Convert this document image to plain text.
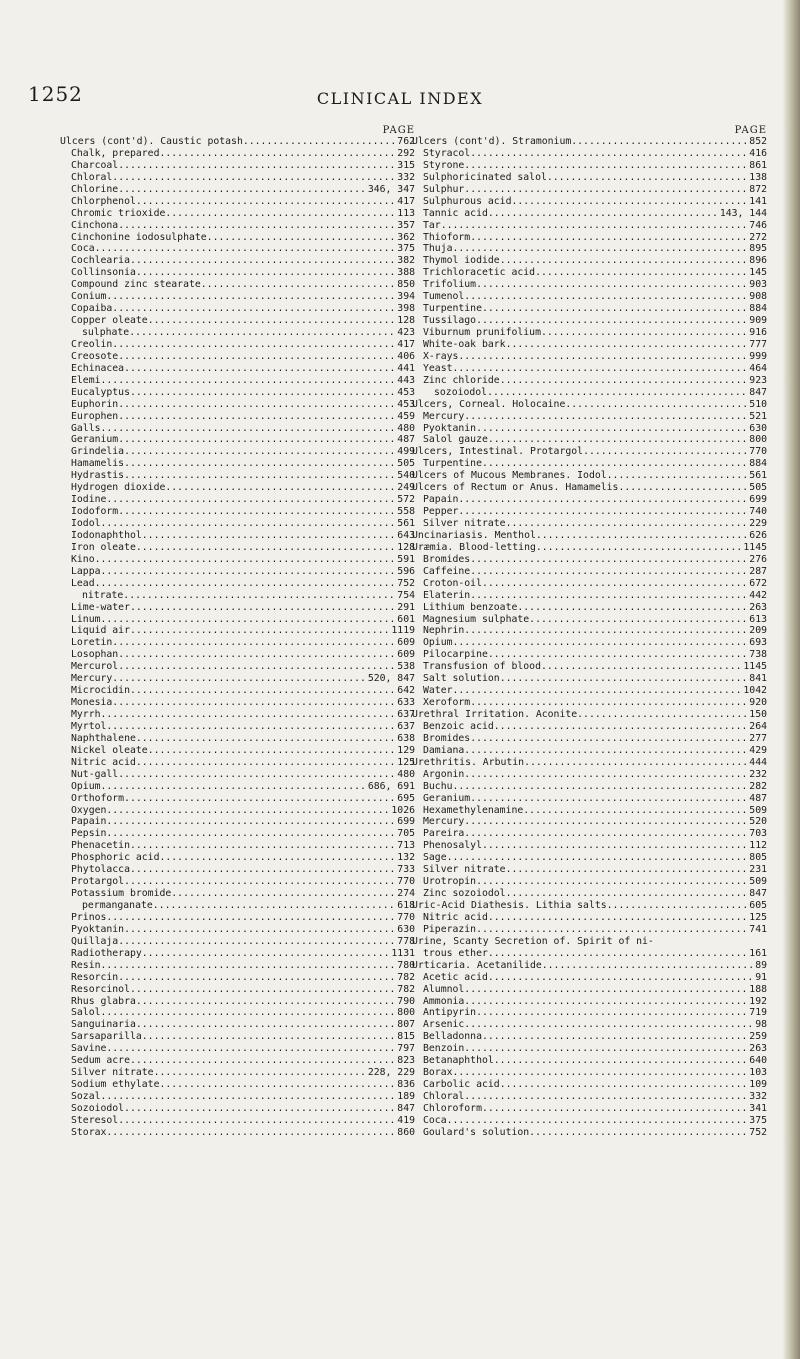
1252	CLINICAL INDEX
PAGE
Ulcers (cont'd). Caustic potash .....	762
Chalk, prepared .....	292
Charcoal .....	315
Chloral .....	332
Chlorine .....	346, 347
Chlorphenol .....	417
Chromic trioxide .....	113
Cinchona .....	357
Cinchonine iodosulphate .....	362
Coca .....	375
Cochlearia .....	382
Collinsonia .....	388
Compound zinc stearate .....	850
Conium .....	394
Copaiba .....	398
Copper oleate .....	128
sulphate .....	423
Creolin .....	417
Creosote .....	406
Echinacea .....	441
Elemi .....	443
Eucalyptus .....	453
Euphorin .....	453
Europhen .....	459
Galls .....	480
Geranium .....	487
Grindelia .....	499
Hamamelis .....	505
Hydrastis .....	540
Hydrogen dioxide .....	249
Iodine .....	572
Iodoform .....	558
Iodol .....	561
Iodonaphthol .....	643
Iron oleate .....	128
Kino .....	591
Lappa .....	596
Lead .....	752
nitrate .....	754
Lime-water .....	291
Linum .....	601
Liquid air .....	1119
Loretin .....	609
Losophan .....	609
Mercurol .....	538
Mercury .....	520, 847
Microcidin .....	642
Monesia .....	633
Myrrh .....	637
Myrtol .....	637
Naphthalene .....	638
Nickel oleate .....	129
Nitric acid .....	125
Nut-gall .....	480
Opium .....	686, 691
Orthoform .....	695
Oxygen .....	1026
Papain .....	699
Pepsin .....	705
Phenacetin .....	713
Phosphoric acid .....	132
Phytolacca .....	733
Protargol .....	770
Potassium bromide .....	274
permanganate .....	618
Prinos .....	770
Pyoktanin .....	630
Quillaja .....	778
Radiotherapy .....	1131
Resin .....	780
Resorcin .....	782
Resorcinol .....	782
Rhus glabra .....	790
Salol .....	800
Sanguinaria .....	807
Sarsaparilla .....	815
Savine .....	797
Sedum acre .....	823
Silver nitrate .....	228, 229
Sodium ethylate .....	836
Sozal .....	189
Sozoiodol .....	847
Steresol .....	419
Storax .....	860
PAGE
Ulcers (cont'd). Stramonium .....	852
Styracol .....	416
Styrone .....	861
Sulphoricinated salol .....	138
Sulphur .....	872
Sulphurous acid .....	141
Tannic acid .....	143, 144
Tar .....	746
Thioform .....	272
Thuja .....	895
Thymol iodide .....	896
Trichloracetic acid .....	145
Trifolium .....	903
Tumenol .....	908
Turpentine .....	884
Tussilago .....	909
Viburnum prunifolium .....	916
White-oak bark .....	777
X-rays .....	999
Yeast .....	464
Zinc chloride .....	923
sozoiodol .....	847
Ulcers, Corneal. Holocaine .....	510
Mercury .....	521
Pyoktanin .....	630
Salol gauze .....	800
Ulcers, Intestinal. Protargol .....	770
Turpentine .....	884
Ulcers of Mucous Membranes. Iodol .....	561
Ulcers of Rectum or Anus. Hamamelis. .....	505
Papain .....	699
Pepper .....	740
Silver nitrate .....	229
Uncinariasis. Menthol .....	626
Uræmia. Blood-letting .....	1145
Bromides .....	276
Caffeine .....	287
Croton-oil .....	672
Elaterin .....	442
Lithium benzoate .....	263
Magnesium sulphate .....	613
Nephrin .....	209
Opium .....	693
Pilocarpine .....	738
Transfusion of blood .....	1145
Salt solution .....	841
Water .....	1042
Xeroform .....	920
Urethral Irritation. Aconite .....	150
Benzoic acid .....	264
Bromides .....	277
Damiana .....	429
Urethritis. Arbutin .....	444
Argonin .....	232
Buchu .....	282
Geranium .....	487
Hexamethylenamine .....	509
Mercury .....	520
Pareira .....	703
Phenosalyl .....	112
Sage .....	805
Silver nitrate .....	231
Urotropin .....	509
Zinc sozoiodol .....	847
Uric-Acid Diathesis. Lithia salts .....	605
Nitric acid .....	125
Piperazin .....	741
Urine, Scanty Secretion of. Spirit of ni-
trous ether .....	161
Urticaria. Acetanilide .....	89
Acetic acid .....	91
Alumnol .....	188
Ammonia .....	192
Antipyrin .....	719
Arsenic .....	98
Belladonna .....	259
Benzoin .....	263
Betanaphthol .....	640
Borax .....	103
Carbolic acid .....	109
Chloral .....	332
Chloroform .....	341
Coca .....	375
Goulard's solution .....	752
